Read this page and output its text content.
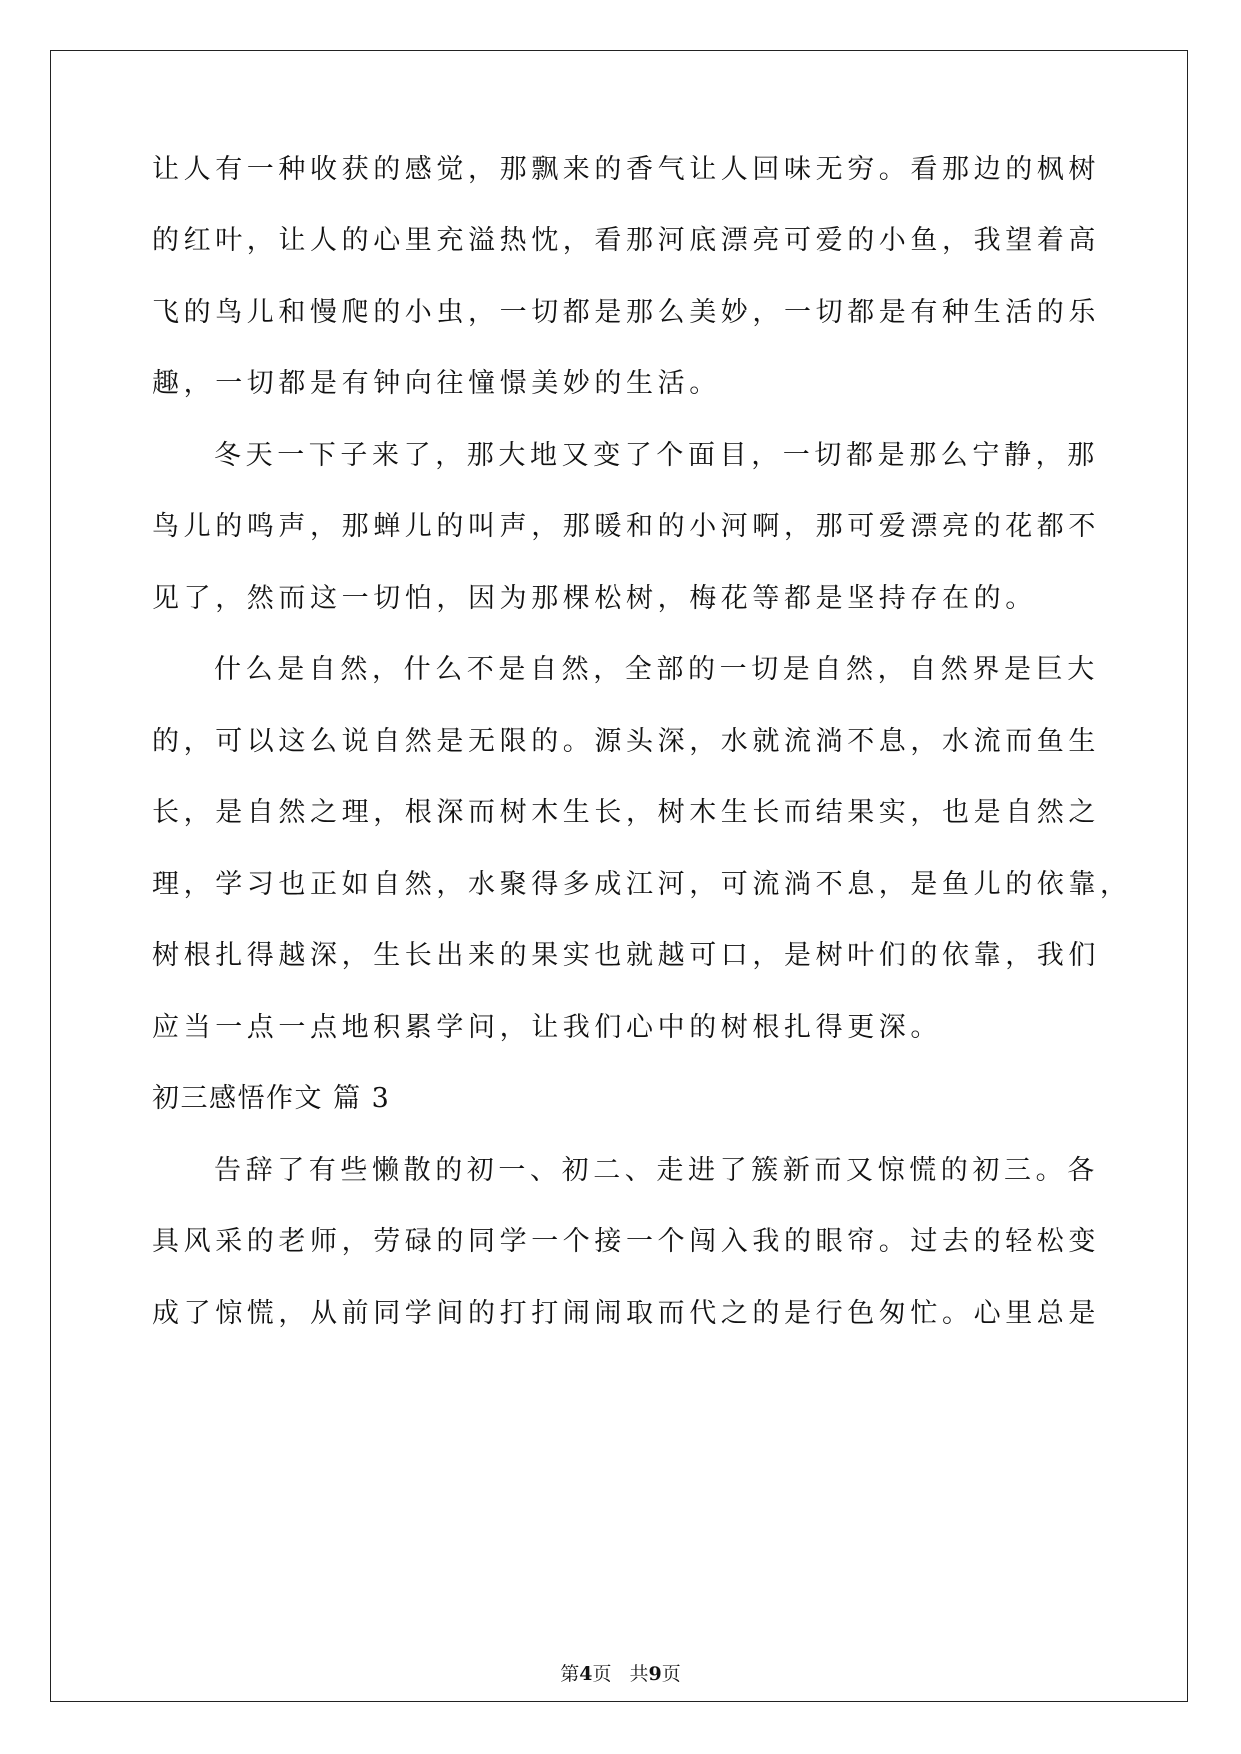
让人有一种收获的感觉，那飘来的香气让人回味无穷。看那边的枫树
的红叶，让人的心里充溢热忱，看那河底漂亮可爱的小鱼，我望着高
飞的鸟儿和慢爬的小虫，一切都是那么美妙，一切都是有种生活的乐
趣，一切都是有钟向往憧憬美妙的生活。
冬天一下子来了，那大地又变了个面目，一切都是那么宁静，那
鸟儿的鸣声，那蝉儿的叫声，那暖和的小河啊，那可爱漂亮的花都不
见了，然而这一切怕，因为那棵松树，梅花等都是坚持存在的。
什么是自然，什么不是自然，全部的一切是自然，自然界是巨大
的，可以这么说自然是无限的。源头深，水就流淌不息，水流而鱼生
长，是自然之理，根深而树木生长，树木生长而结果实，也是自然之
理，学习也正如自然，水聚得多成江河，可流淌不息，是鱼儿的依靠，
树根扎得越深，生长出来的果实也就越可口，是树叶们的依靠，我们
应当一点一点地积累学问，让我们心中的树根扎得更深。
初三感悟作文 篇 3
告辞了有些懒散的初一、初二、走进了簇新而又惊慌的初三。各
具风采的老师，劳碌的同学一个接一个闯入我的眼帘。过去的轻松变
成了惊慌，从前同学间的打打闹闹取而代之的是行色匆忙。心里总是
第4页 共9页
